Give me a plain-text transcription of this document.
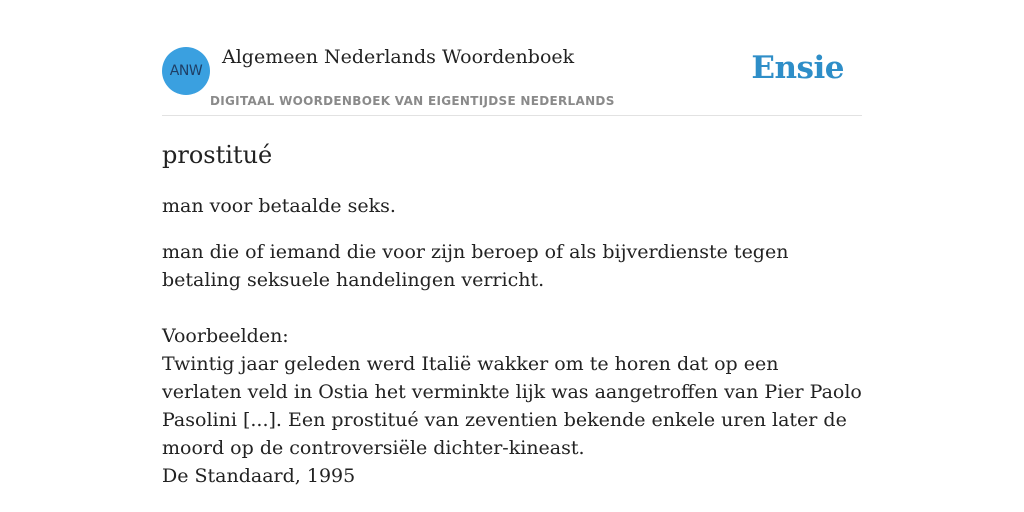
ANW
Algemeen Nederlands Woordenboek
DIGITAAL WOORDENBOEK VAN EIGENTIJDSE NEDERLANDS
Ensie
prostitué

man voor betaalde seks.

man die of iemand die voor zijn beroep of als bijverdienste tegen betaling seksuele handelingen verricht.

Voorbeelden:
Twintig jaar geleden werd Italië wakker om te horen dat op een verlaten veld in Ostia het verminkte lijk was aangetroffen van Pier Paolo Pasolini [...]. Een prostitué van zeventien bekende enkele uren later de moord op de controversiële dichter-kineast.
De Standaard, 1995
